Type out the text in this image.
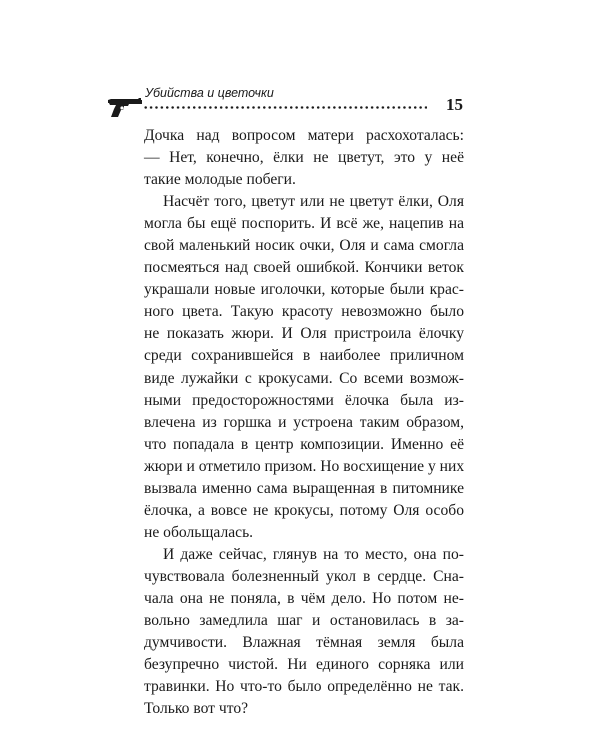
Убийства и цветочки
15
Дочка над вопросом матери расхохоталась:
— Нет, конечно, ёлки не цветут, это у неё
такие молодые побеги.
Насчёт того, цветут или не цветут ёлки, Оля
могла бы ещё поспорить. И всё же, нацепив на
свой маленький носик очки, Оля и сама смогла
посмеяться над своей ошибкой. Кончики веток
украшали новые иголочки, которые были крас-
ного цвета. Такую красоту невозможно было
не показать жюри. И Оля пристроила ёлочку
среди сохранившейся в наиболее приличном
виде лужайки с крокусами. Со всеми возмож-
ными предосторожностями ёлочка была из-
влечена из горшка и устроена таким образом,
что попадала в центр композиции. Именно её
жюри и отметило призом. Но восхищение у них
вызвала именно сама выращенная в питомнике
ёлочка, а вовсе не крокусы, потому Оля особо
не обольщалась.
И даже сейчас, глянув на то место, она по-
чувствовала болезненный укол в сердце. Сна-
чала она не поняла, в чём дело. Но потом не-
вольно замедлила шаг и остановилась в за-
думчивости. Влажная тёмная земля была
безупречно чистой. Ни единого сорняка или
травинки. Но что-то было определённо не так.
Только вот что?
